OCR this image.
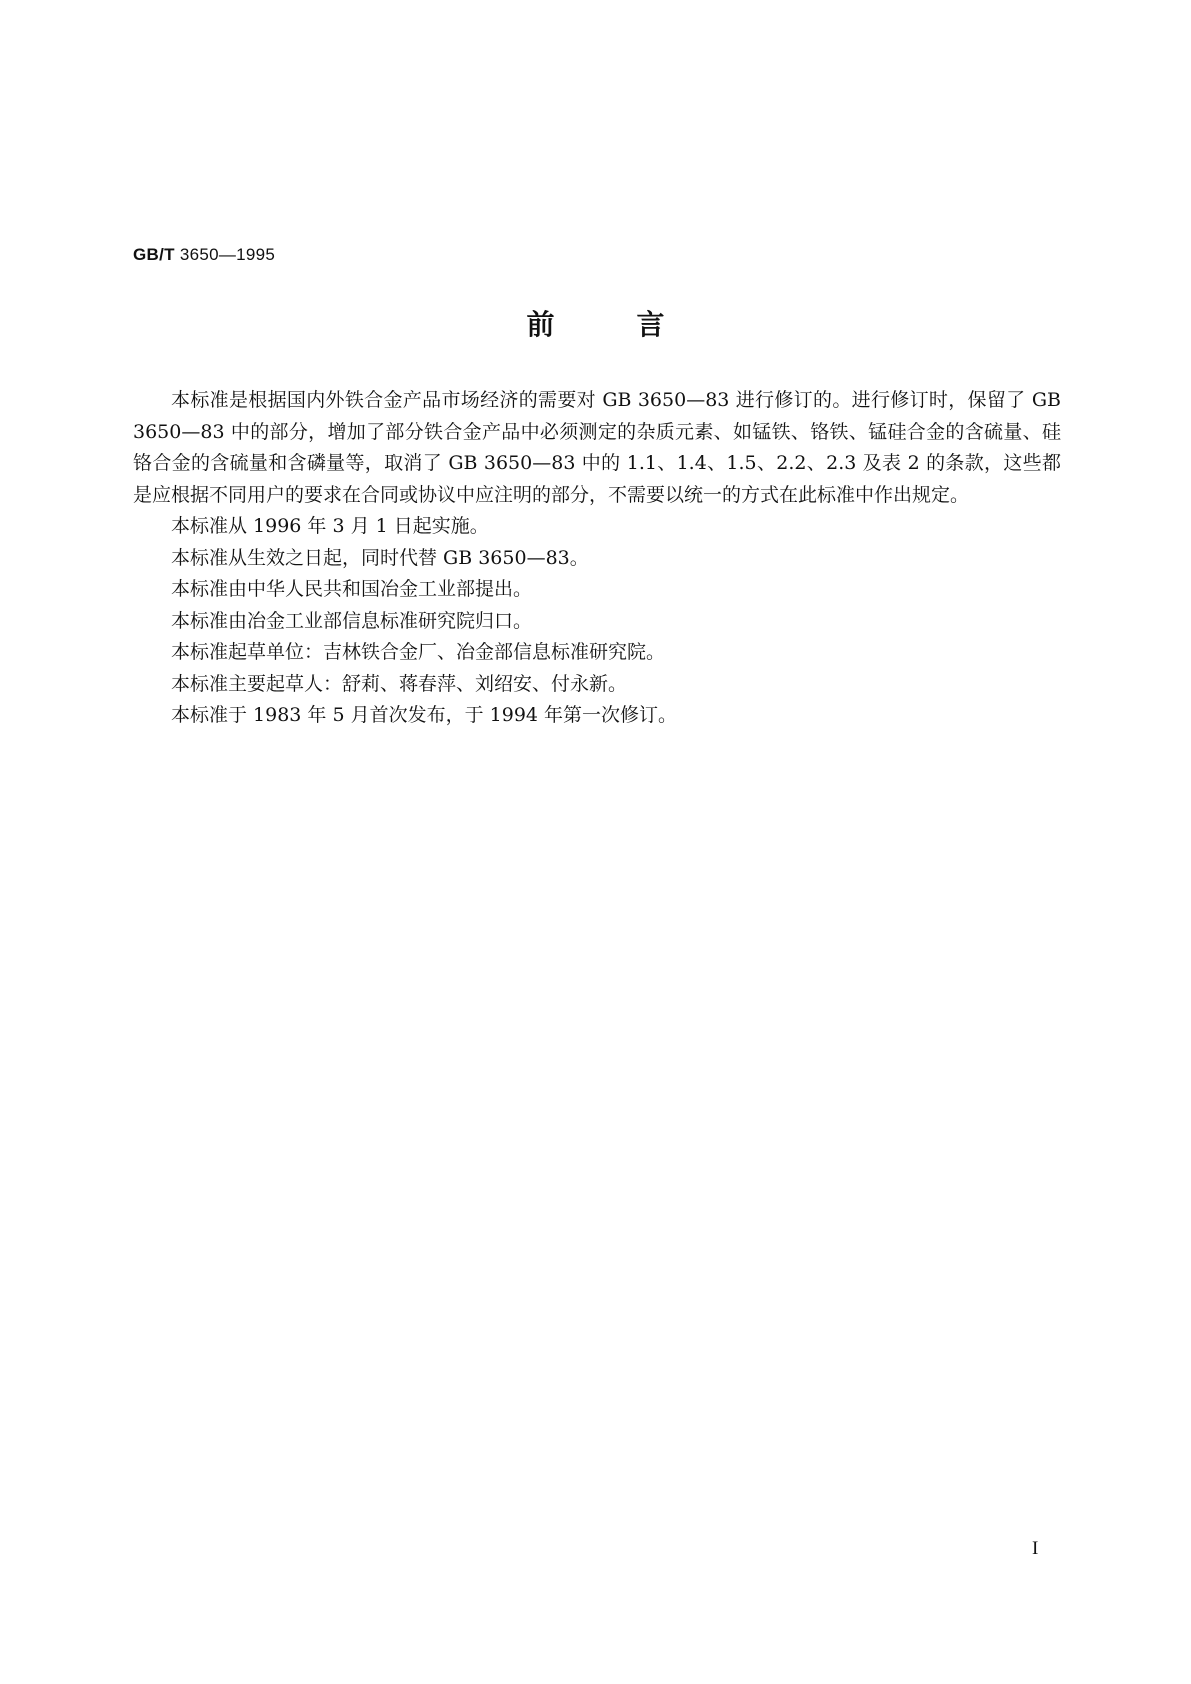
GB/T 3650—1995
前	言

本标准是根据国内外铁合金产品市场经济的需要对 GB 3650—83 进行修订的。进行修订时，保留了 GB 3650—83 中的部分，增加了部分铁合金产品中必须测定的杂质元素、如锰铁、铬铁、锰硅合金的含硫量、硅铬合金的含硫量和含磷量等，取消了 GB 3650—83 中的 1.1、1.4、1.5、2.2、2.3 及表 2 的条款，这些都是应根据不同用户的要求在合同或协议中应注明的部分，不需要以统一的方式在此标准中作出规定。

本标准从 1996 年 3 月 1 日起实施。

本标准从生效之日起，同时代替 GB 3650—83。

本标准由中华人民共和国冶金工业部提出。

本标准由冶金工业部信息标准研究院归口。

本标准起草单位：吉林铁合金厂、冶金部信息标准研究院。

本标准主要起草人：舒莉、蒋春萍、刘绍安、付永新。

本标准于 1983 年 5 月首次发布，于 1994 年第一次修订。

I
